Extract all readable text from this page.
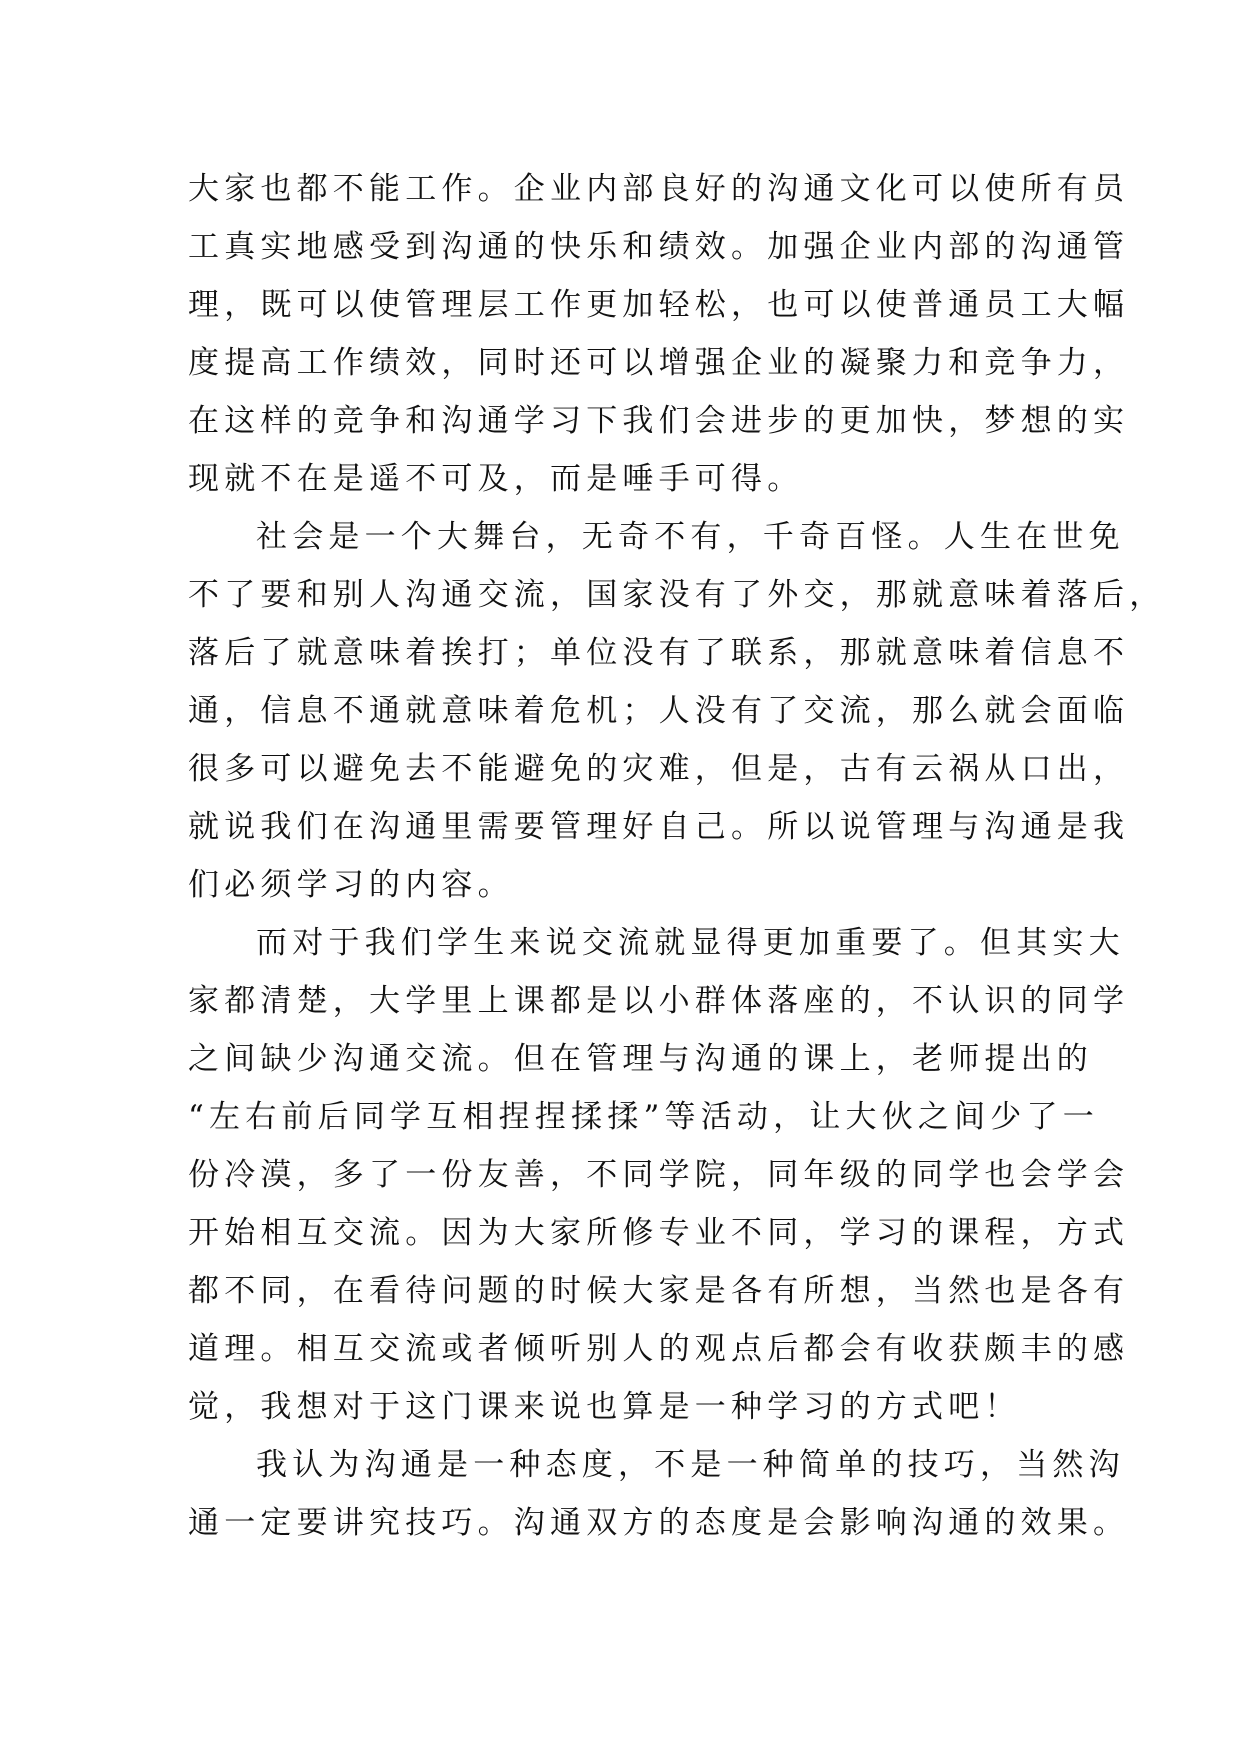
大家也都不能工作。企业内部良好的沟通文化可以使所有员
工真实地感受到沟通的快乐和绩效。加强企业内部的沟通管
理，既可以使管理层工作更加轻松，也可以使普通员工大幅
度提高工作绩效，同时还可以增强企业的凝聚力和竞争力，
在这样的竞争和沟通学习下我们会进步的更加快，梦想的实
现就不在是遥不可及，而是唾手可得。
社会是一个大舞台，无奇不有，千奇百怪。人生在世免
不了要和别人沟通交流，国家没有了外交，那就意味着落后，
落后了就意味着挨打；单位没有了联系，那就意味着信息不
通，信息不通就意味着危机；人没有了交流，那么就会面临
很多可以避免去不能避免的灾难，但是，古有云祸从口出，
就说我们在沟通里需要管理好自己。所以说管理与沟通是我
们必须学习的内容。
而对于我们学生来说交流就显得更加重要了。但其实大
家都清楚，大学里上课都是以小群体落座的，不认识的同学
之间缺少沟通交流。但在管理与沟通的课上，老师提出的
“左右前后同学互相捏捏揉揉”等活动，让大伙之间少了一
份冷漠，多了一份友善，不同学院，同年级的同学也会学会
开始相互交流。因为大家所修专业不同，学习的课程，方式
都不同，在看待问题的时候大家是各有所想，当然也是各有
道理。相互交流或者倾听别人的观点后都会有收获颇丰的感
觉，我想对于这门课来说也算是一种学习的方式吧！
我认为沟通是一种态度，不是一种简单的技巧，当然沟
通一定要讲究技巧。沟通双方的态度是会影响沟通的效果。
